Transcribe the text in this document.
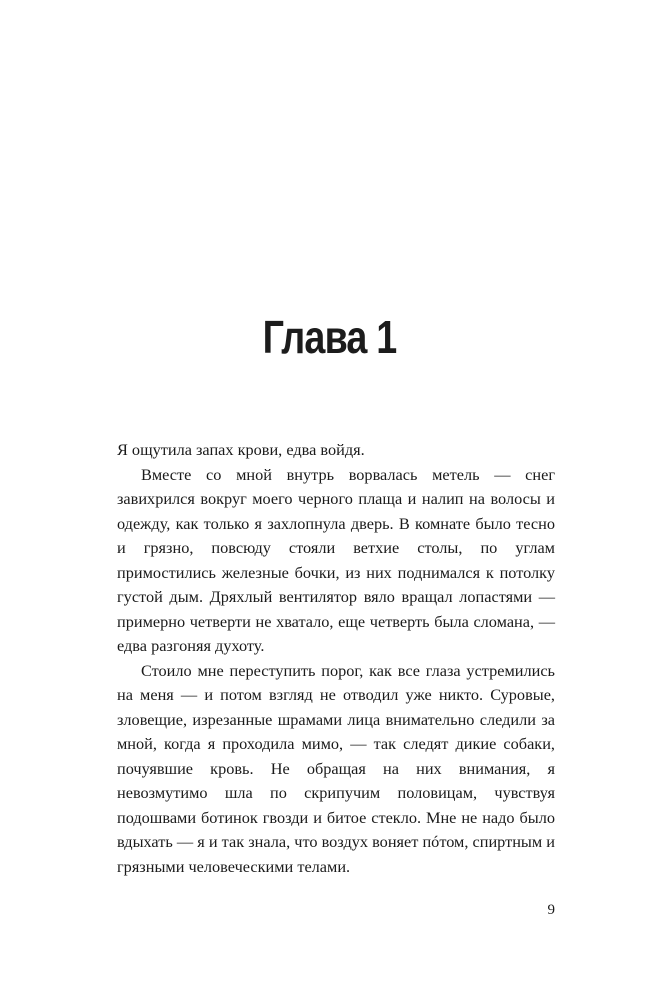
Глава 1

Я ощутила запах крови, едва войдя.

Вместе со мной внутрь ворвалась метель — снег завихрился вокруг моего черного плаща и налип на волосы и одежду, как только я захлопнула дверь. В комнате было тесно и грязно, повсюду стояли ветхие столы, по углам примостились железные бочки, из них поднимался к потолку густой дым. Дряхлый вентилятор вяло вращал лопастями — примерно четверти не хватало, еще четверть была сломана, — едва разгоняя духоту.

Стоило мне переступить порог, как все глаза устремились на меня — и потом взгляд не отводил уже никто. Суровые, зловещие, изрезанные шрамами лица внимательно следили за мной, когда я проходила мимо, — так следят дикие собаки, почуявшие кровь. Не обращая на них внимания, я невозмутимо шла по скрипучим половицам, чувствуя подошвами ботинок гвозди и битое стекло. Мне не надо было вдыхать — я и так знала, что воздух воняет пóтом, спиртным и грязными человеческими телами.

9
